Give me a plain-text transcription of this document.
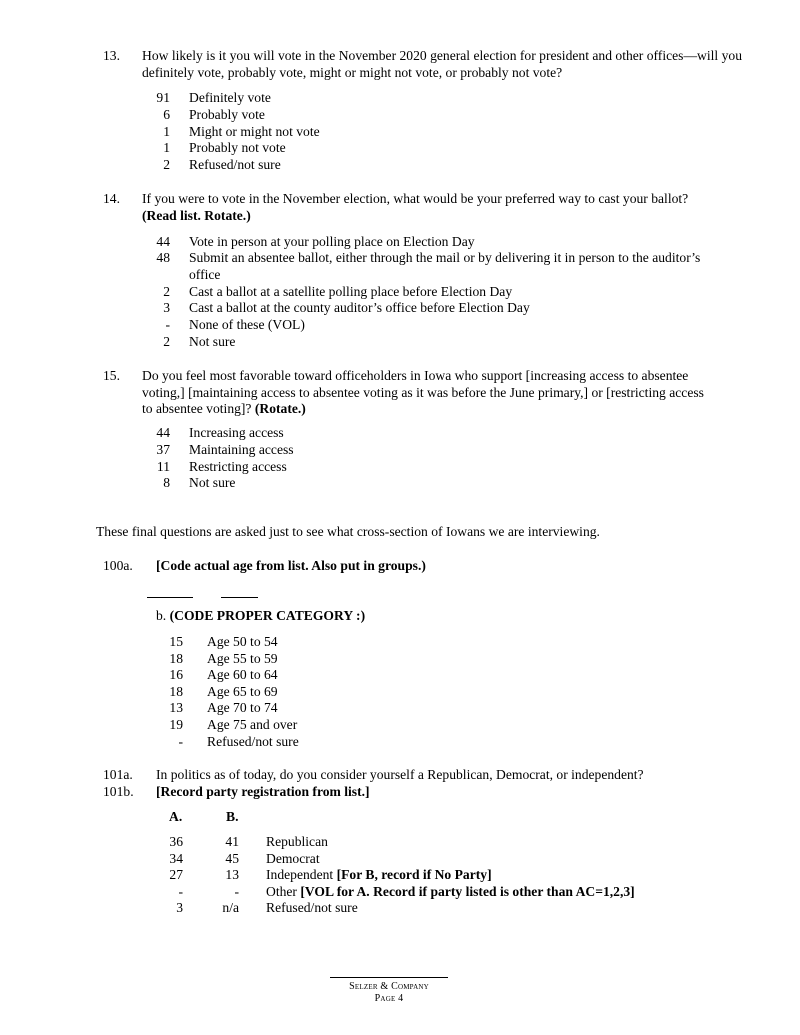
13. How likely is it you will vote in the November 2020 general election for president and other offices—will you definitely vote, probably vote, might or might not vote, or probably not vote?
91 Definitely vote
6 Probably vote
1 Might or might not vote
1 Probably not vote
2 Refused/not sure
14. If you were to vote in the November election, what would be your preferred way to cast your ballot?
(Read list. Rotate.)
44 Vote in person at your polling place on Election Day
48 Submit an absentee ballot, either through the mail or by delivering it in person to the auditor’s
office
2 Cast a ballot at a satellite polling place before Election Day
3 Cast a ballot at the county auditor’s office before Election Day
- None of these (VOL)
2 Not sure
15. Do you feel most favorable toward officeholders in Iowa who support [increasing access to absentee
voting,] [maintaining access to absentee voting as it was before the June primary,] or [restricting access
to absentee voting]? (Rotate.)
44 Increasing access
37 Maintaining access
11 Restricting access
8 Not sure
These final questions are asked just to see what cross-section of Iowans we are interviewing.
100a. [Code actual age from list. Also put in groups.)
b. (CODE PROPER CATEGORY :)
15 Age 50 to 54
18 Age 55 to 59
16 Age 60 to 64
18 Age 65 to 69
13 Age 70 to 74
19 Age 75 and over
- Refused/not sure
101a. In politics as of today, do you consider yourself a Republican, Democrat, or independent?
101b. [Record party registration from list.]
A.	B.
36	41 Republican
34	45 Democrat
27	13 Independent [For B, record if No Party]
-	- Other [VOL for A. Record if party listed is other than AC=1,2,3]
3	n/a Refused/not sure
Selzer & Company
Page 4
